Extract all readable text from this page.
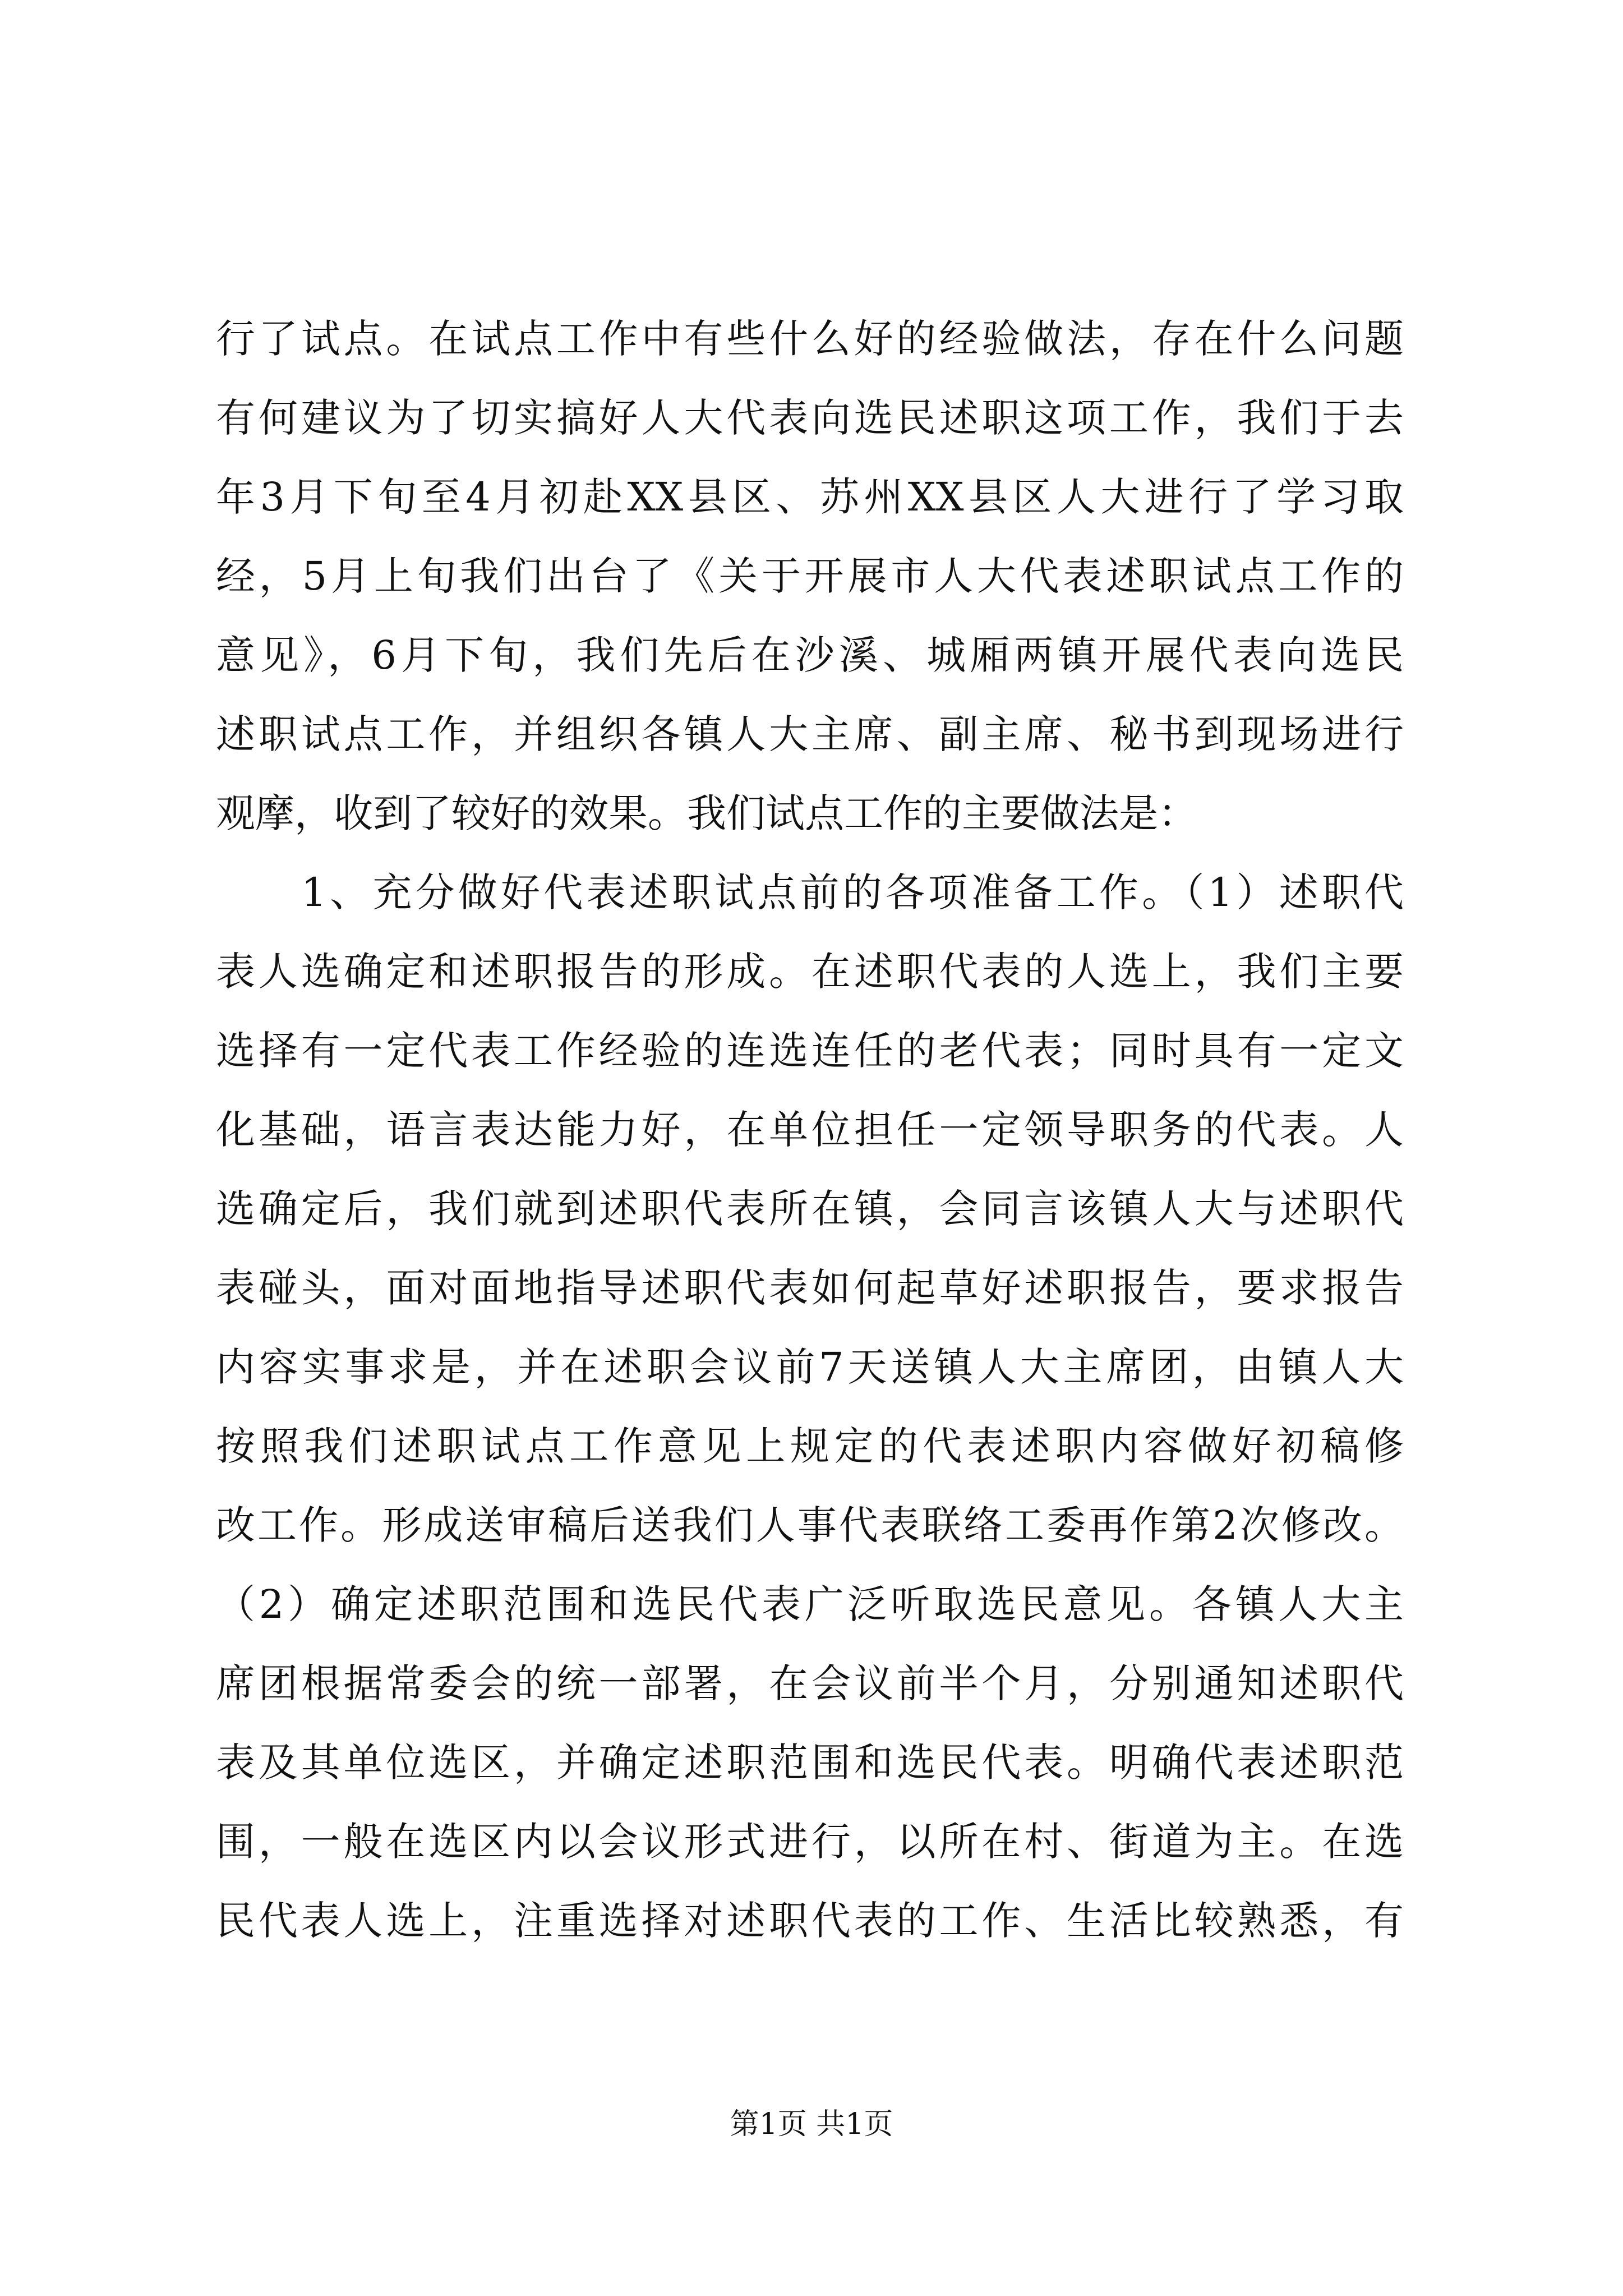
行了试点。在试点工作中有些什么好的经验做法，存在什么问题
有何建议为了切实搞好人大代表向选民述职这项工作，我们于去
年3月下旬至4月初赴XX县区、苏州XX县区人大进行了学习取
经，5月上旬我们出台了《关于开展市人大代表述职试点工作的
意见》，6月下旬，我们先后在沙溪、城厢两镇开展代表向选民
述职试点工作，并组织各镇人大主席、副主席、秘书到现场进行
观摩，收到了较好的效果。我们试点工作的主要做法是：
　　1、充分做好代表述职试点前的各项准备工作。（1）述职代
表人选确定和述职报告的形成。在述职代表的人选上，我们主要
选择有一定代表工作经验的连选连任的老代表；同时具有一定文
化基础，语言表达能力好，在单位担任一定领导职务的代表。人
选确定后，我们就到述职代表所在镇，会同言该镇人大与述职代
表碰头，面对面地指导述职代表如何起草好述职报告，要求报告
内容实事求是，并在述职会议前7天送镇人大主席团，由镇人大
按照我们述职试点工作意见上规定的代表述职内容做好初稿修
改工作。形成送审稿后送我们人事代表联络工委再作第2次修改。
（2）确定述职范围和选民代表广泛听取选民意见。各镇人大主
席团根据常委会的统一部署，在会议前半个月，分别通知述职代
表及其单位选区，并确定述职范围和选民代表。明确代表述职范
围，一般在选区内以会议形式进行，以所在村、街道为主。在选
民代表人选上，注重选择对述职代表的工作、生活比较熟悉，有
第1页 共1页
